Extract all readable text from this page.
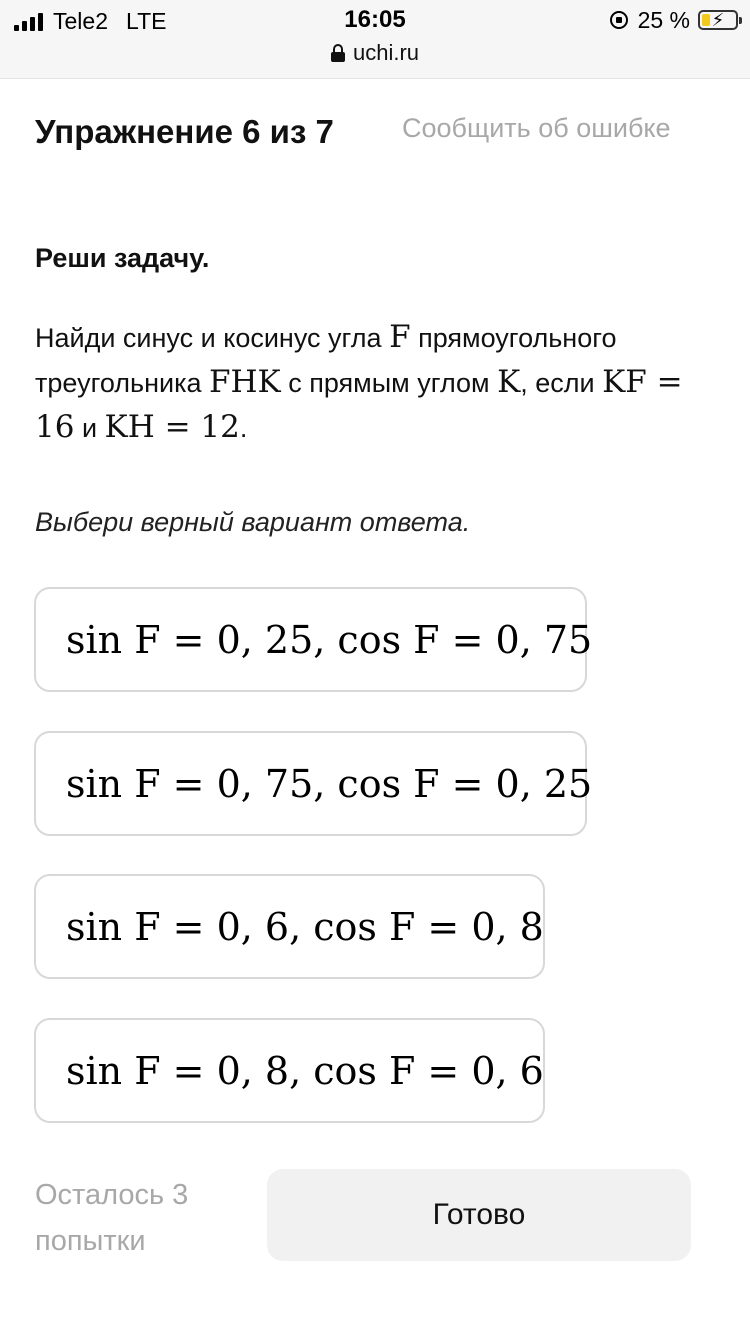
Tele2 LTE	16:05
uchi.ru
25 %	⚡
Упражнение 6 из 7	Сообщить об ошибке
Реши задачу.
Найди синус и косинус угла F прямоугольного треугольника FHK с прямым углом K, если KF = 16 и KH = 12.
Выбери верный вариант ответа.
sin F = 0, 25, cos F = 0, 75
sin F = 0, 75, cos F = 0, 25
sin F = 0, 6, cos F = 0, 8
sin F = 0, 8, cos F = 0, 6
Осталось 3 попытки
Готово
